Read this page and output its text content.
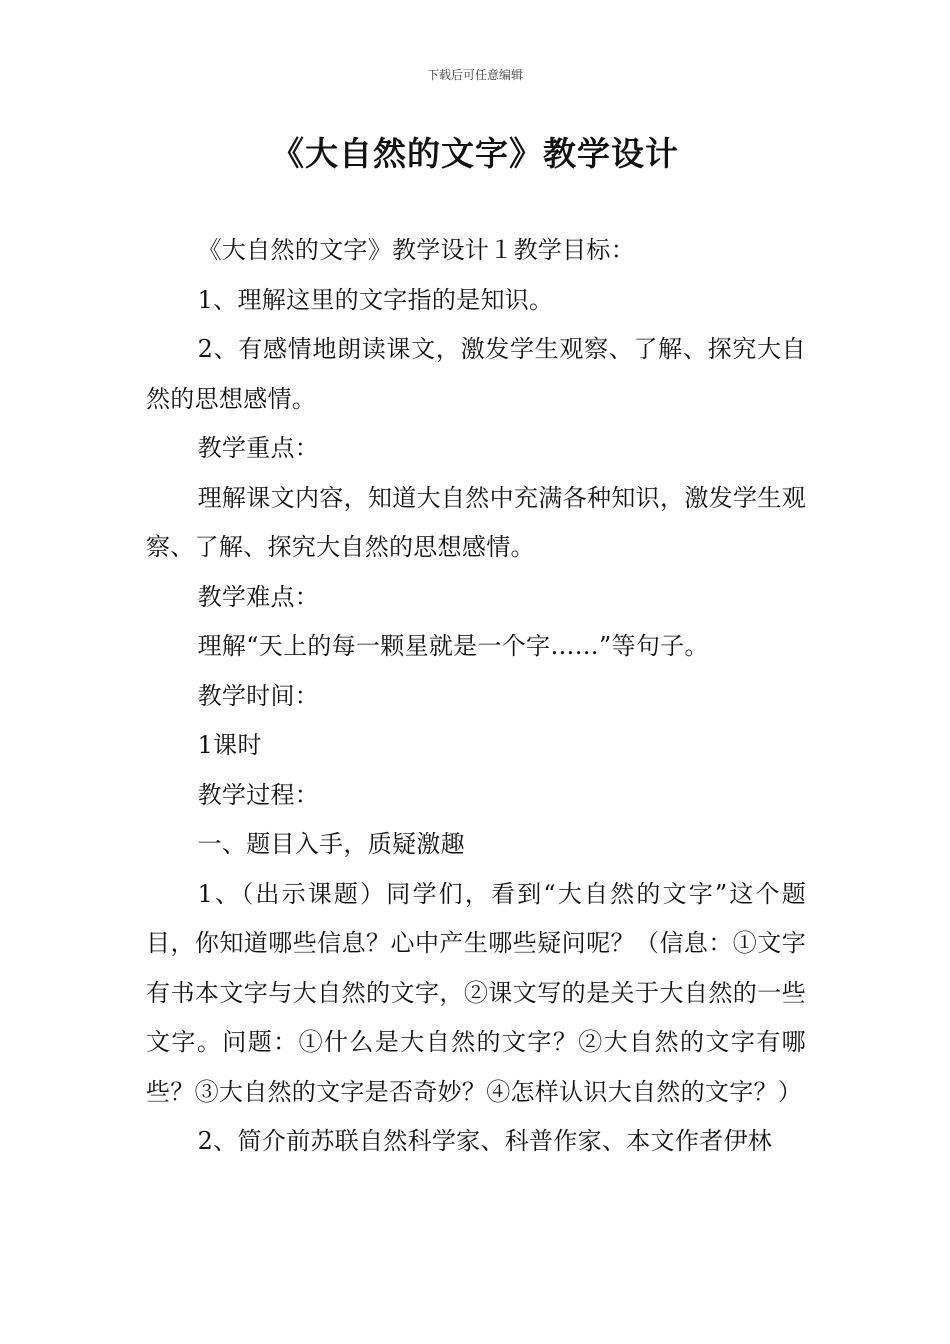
下载后可任意编辑
《大自然的文字》教学设计

《大自然的文字》教学设计１教学目标：

1、理解这里的文字指的是知识。

2、有感情地朗读课文，激发学生观察、了解、探究大自然的思想感情。

教学重点：

理解课文内容，知道大自然中充满各种知识，激发学生观察、了解、探究大自然的思想感情。

教学难点：

理解“天上的每一颗星就是一个字……”等句子。

教学时间：

1课时

教学过程：

一、题目入手，质疑激趣

1、（出示课题）同学们，看到“大自然的文字”这个题目，你知道哪些信息？心中产生哪些疑问呢？（信息：①文字有书本文字与大自然的文字，②课文写的是关于大自然的一些文字。问题：①什么是大自然的文字？②大自然的文字有哪些？③大自然的文字是否奇妙？④怎样认识大自然的文字？）

2、简介前苏联自然科学家、科普作家、本文作者伊林
